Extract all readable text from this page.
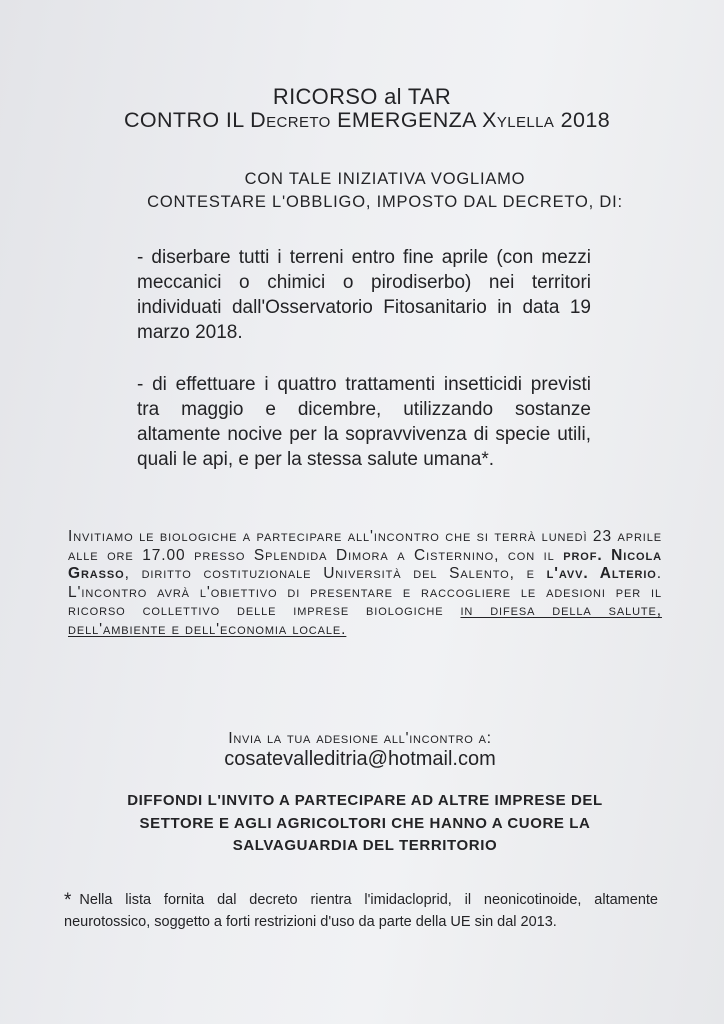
RICORSO al TAR
CONTRO IL Decreto EMERGENZA Xylella 2018
CON TALE INIZIATIVA VOGLIAMO
CONTESTARE L'OBBLIGO, IMPOSTO DAL DECRETO, DI:
- diserbare tutti i terreni entro fine aprile (con mezzi meccanici o chimici o pirodiserbo) nei territori individuati dall'Osservatorio Fitosanitario in data 19 marzo 2018.
- di effettuare i quattro trattamenti insetticidi previsti tra maggio e dicembre, utilizzando sostanze altamente nocive per la sopravvivenza di specie utili, quali le api, e per la stessa salute umana*.
Invitiamo le biologiche a partecipare all'incontro che si terrà lunedì 23 aprile alle ore 17.00 presso Splendida Dimora a Cisternino, con il prof. Nicola Grasso, diritto costituzionale Università del Salento, e l'avv. Alterio. L'incontro avrà l'obiettivo di presentare e raccogliere le adesioni per il ricorso collettivo delle imprese biologiche in difesa della salute, dell'ambiente e dell'economia locale.
Invia la tua adesione all'incontro a:
cosatevalleditria@hotmail.com
DIFFONDI L'INVITO A PARTECIPARE AD ALTRE IMPRESE DEL
SETTORE E AGLI AGRICOLTORI CHE HANNO A CUORE LA
SALVAGUARDIA DEL TERRITORIO
* Nella lista fornita dal decreto rientra l'imidacloprid, il neonicotinoide, altamente neurotossico, soggetto a forti restrizioni d'uso da parte della UE sin dal 2013.
